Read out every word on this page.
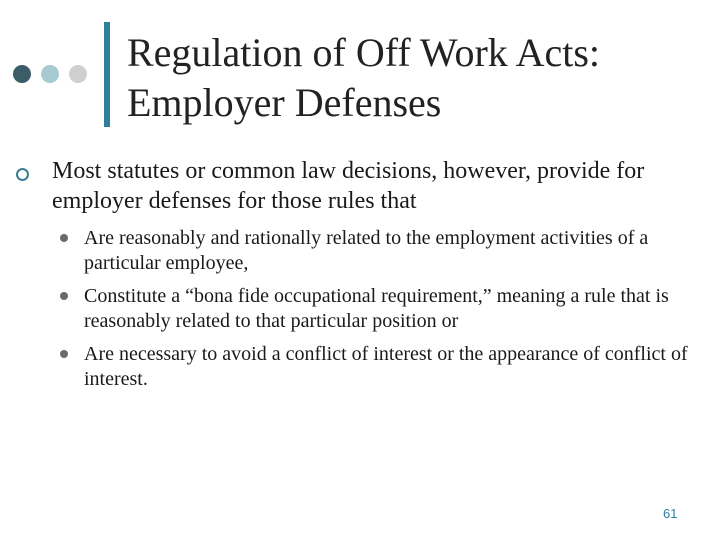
Regulation of Off Work Acts:
Employer Defenses
Most statutes or common law decisions, however, provide for employer defenses for those rules that
Are reasonably and rationally related to the employment activities of a particular employee,
Constitute a “bona fide occupational requirement,” meaning a rule that is reasonably related to that particular position or
Are necessary to avoid a conflict of interest or the appearance of conflict of interest.
61
